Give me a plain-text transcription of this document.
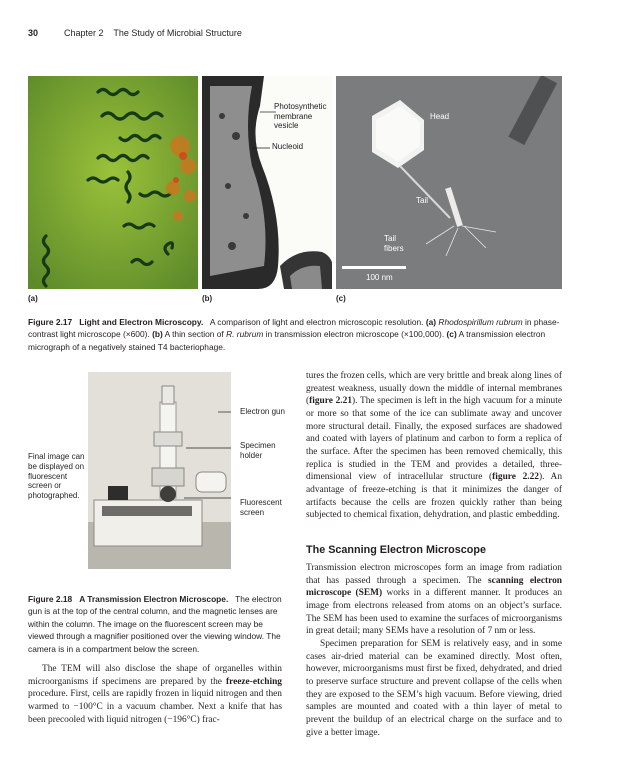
30	Chapter 2    The Study of Microbial Structure
Photosynthetic membrane vesicle
Nucleoid
Head
Tail
Tail fibers
100 nm
(a)	(b)	(c)
Figure 2.17 Light and Electron Microscopy. A comparison of light and electron microscopic resolution. (a) Rhodospirillum rubrum in phase-contrast light microscope (×600). (b) A thin section of R. rubrum in transmission electron microscope (×100,000). (c) A transmission electron micrograph of a negatively stained T4 bacteriophage.
Final image can be displayed on fluorescent screen or photographed.
Electron gun
Specimen holder
Fluorescent screen
Figure 2.18 A Transmission Electron Microscope. The electron gun is at the top of the central column, and the magnetic lenses are within the column. The image on the fluorescent screen may be viewed through a magnifier positioned over the viewing window. The camera is in a compartment below the screen.

The TEM will also disclose the shape of organelles within microorganisms if specimens are prepared by the freeze-etching procedure. First, cells are rapidly frozen in liquid nitrogen and then warmed to −100°C in a vacuum chamber. Next a knife that has been precooled with liquid nitrogen (−196°C) frac-

tures the frozen cells, which are very brittle and break along lines of greatest weakness, usually down the middle of internal membranes (figure 2.21). The specimen is left in the high vacuum for a minute or more so that some of the ice can sublimate away and uncover more structural detail. Finally, the exposed surfaces are shadowed and coated with layers of platinum and carbon to form a replica of the surface. After the specimen has been removed chemically, this replica is studied in the TEM and provides a detailed, three-dimensional view of intracellular structure (figure 2.22). An advantage of freeze-etching is that it minimizes the danger of artifacts because the cells are frozen quickly rather than being subjected to chemical fixation, dehydration, and plastic embedding.

The Scanning Electron Microscope

Transmission electron microscopes form an image from radiation that has passed through a specimen. The scanning electron microscope (SEM) works in a different manner. It produces an image from electrons released from atoms on an object’s surface. The SEM has been used to examine the surfaces of microorganisms in great detail; many SEMs have a resolution of 7 nm or less.

Specimen preparation for SEM is relatively easy, and in some cases air-dried material can be examined directly. Most often, however, microorganisms must first be fixed, dehydrated, and dried to preserve surface structure and prevent collapse of the cells when they are exposed to the SEM’s high vacuum. Before viewing, dried samples are mounted and coated with a thin layer of metal to prevent the buildup of an electrical charge on the surface and to give a better image.
